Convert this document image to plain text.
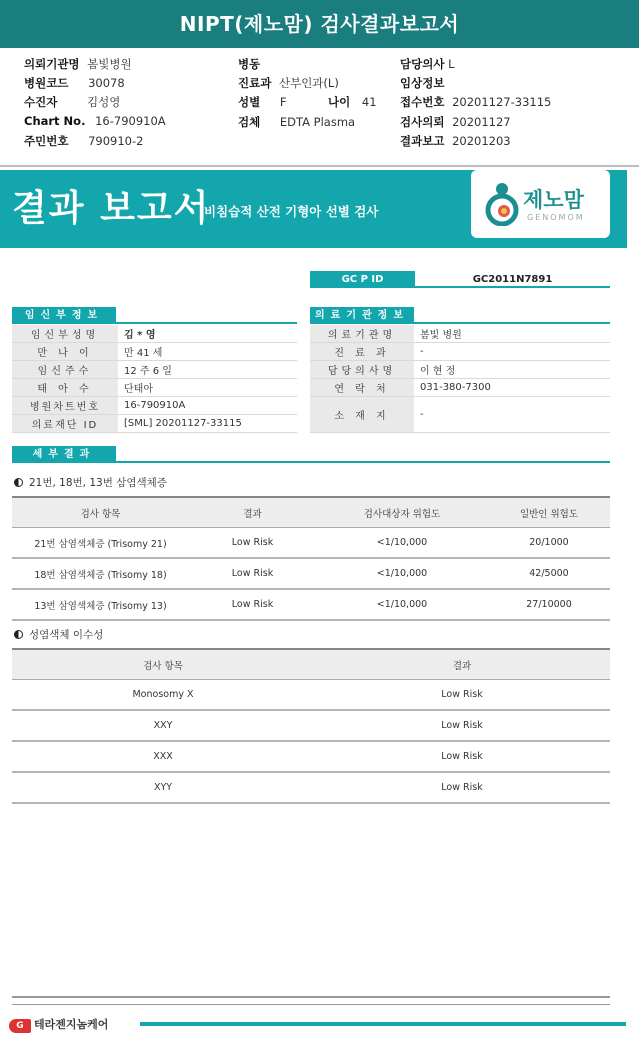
NIPT(제노맘) 검사결과보고서
의뢰기관명 봄빛병원
병원코드 30078
수진자	김성영
Chart No. 16-790910A
주민번호 790910-2
병동
진료과 산부인과(L)
성별 F	나이 41
검체 EDTA Plasma
담당의사 L
임상정보
접수번호 20201127-33115
검사의뢰 20201127
결과보고 20201203
결과 보고서
비침습적 산전 기형아 선별 검사	제노맘
GENOMOM
GC P ID	GC2011N7891
임신부정보
임신부성명	김 * 영
만 나 이	만 41 세
임신주수	12 주 6 일
태 아 수	단태아
병원차트번호	16-790910A
의료재단 ID	[SML] 20201127-33115
의료기관정보
의료기관명	봄빛 병원
진 료 과	-
담당의사명	이 현 정
연 락 처	031-380-7300
소 재 지	-
세부결과
21번, 18번, 13번 삼염색체증
검사 항목	결과	검사대상자 위험도	일반인 위험도
21번 삼염색체증 (Trisomy 21)	Low Risk	<1/10,000	20/1000
18번 삼염색체증 (Trisomy 18)	Low Risk	<1/10,000	42/5000
13번 삼염색체증 (Trisomy 13)	Low Risk	<1/10,000	27/10000
성염색체 이수성
검사 항목	결과
Monosomy X	Low Risk
XXY	Low Risk
XXX	Low Risk
XYY	Low Risk
G 테라젠지놈케어
